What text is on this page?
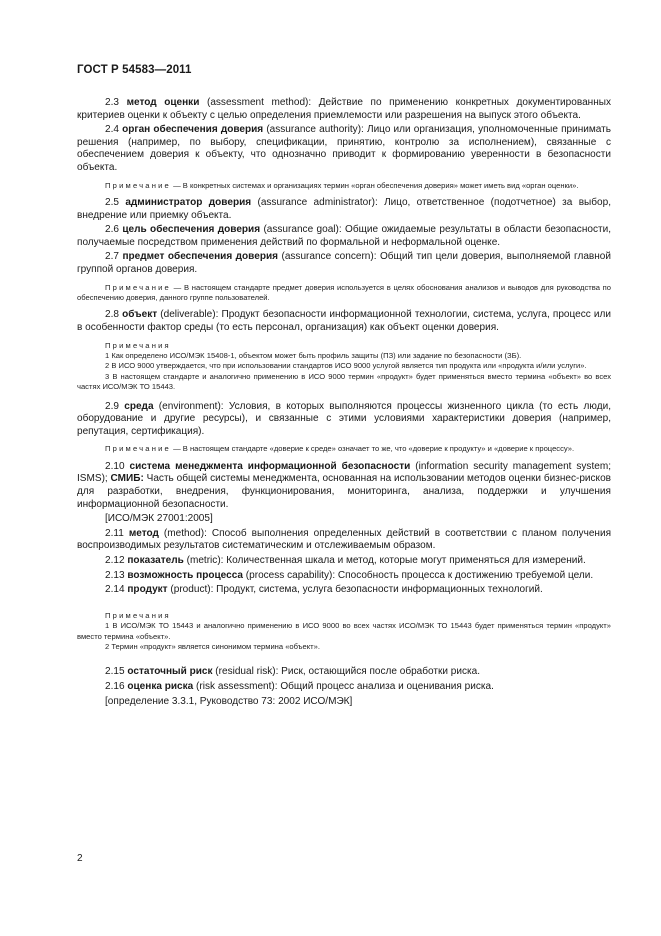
ГОСТ Р 54583—2011

2.3 метод оценки (assessment method): Действие по применению конкретных документированных критериев оценки к объекту с целью определения приемлемости или разрешения на выпуск этого объекта.

2.4 орган обеспечения доверия (assurance authority): Лицо или организация, уполномоченные принимать решения (например, по выбору, спецификации, принятию, контролю за исполнением), связанные с обеспечением доверия к объекту, что однозначно приводит к формированию уверенности в безопасности объекта.

Примечание — В конкретных системах и организациях термин «орган обеспечения доверия» может иметь вид «орган оценки».

2.5 администратор доверия (assurance administrator): Лицо, ответственное (подотчетное) за выбор, внедрение или приемку объекта.

2.6 цель обеспечения доверия (assurance goal): Общие ожидаемые результаты в области безопасности, получаемые посредством применения действий по формальной и неформальной оценке.

2.7 предмет обеспечения доверия (assurance concern): Общий тип цели доверия, выполняемой главной группой органов доверия.

Примечание — В настоящем стандарте предмет доверия используется в целях обоснования анализов и выводов для руководства по обеспечению доверия, данного группе пользователей.

2.8 объект (deliverable): Продукт безопасности информационной технологии, система, услуга, процесс или в особенности фактор среды (то есть персонал, организация) как объект оценки доверия.

Примечания

1 Как определено ИСО/МЭК 15408-1, объектом может быть профиль защиты (ПЗ) или задание по безопасности (ЗБ).

2 В ИСО 9000 утверждается, что при использовании стандартов ИСО 9000 услугой является тип продукта или «продукта и/или услуги».

3 В настоящем стандарте и аналогично применению в ИСО 9000 термин «продукт» будет применяться вместо термина «объект» во всех частях ИСО/МЭК ТО 15443.

2.9 среда (environment): Условия, в которых выполняются процессы жизненного цикла (то есть люди, оборудование и другие ресурсы), и связанные с этими условиями характеристики доверия (например, репутация, сертификация).

Примечание — В настоящем стандарте «доверие к среде» означает то же, что «доверие к продукту» и «доверие к процессу».

2.10 система менеджмента информационной безопасности (information security management system; ISMS); СМИБ: Часть общей системы менеджмента, основанная на использовании методов оценки бизнес-рисков для разработки, внедрения, функционирования, мониторинга, анализа, поддержки и улучшения информационной безопасности.

[ИСО/МЭК 27001:2005]

2.11 метод (method): Способ выполнения определенных действий в соответствии с планом получения воспроизводимых результатов систематическим и отслеживаемым образом.

2.12 показатель (metric): Количественная шкала и метод, которые могут применяться для измерений.

2.13 возможность процесса (process capability): Способность процесса к достижению требуемой цели.

2.14 продукт (product): Продукт, система, услуга безопасности информационных технологий.

Примечания

1 В ИСО/МЭК ТО 15443 и аналогично применению в ИСО 9000 во всех частях ИСО/МЭК ТО 15443 будет применяться термин «продукт» вместо термина «объект».

2 Термин «продукт» является синонимом термина «объект».

2.15 остаточный риск (residual risk): Риск, остающийся после обработки риска.

2.16 оценка риска (risk assessment): Общий процесс анализа и оценивания риска.

[определение 3.3.1, Руководство 73: 2002 ИСО/МЭК]

2
